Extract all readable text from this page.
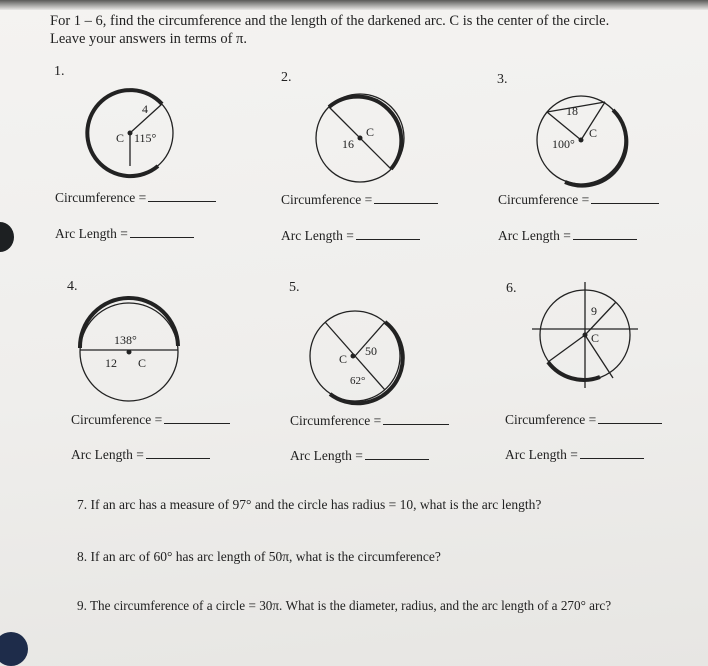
For 1 – 6, find the circumference and the length of the darkened arc. C is the center of the circle.
Leave your answers in terms of π.
1.
4
C 115°
Circumference =
Arc Length =
2.
16
C
Circumference =
Arc Length =
3.
18
C
100°
Circumference =
Arc Length =
4.
138°
12 C
Circumference =
Arc Length =
5.
C
50
62°
Circumference =
Arc Length =
6.
9
C
Circumference =
Arc Length =
7. If an arc has a measure of 97° and the circle has radius = 10, what is the arc length?
8. If an arc of 60° has arc length of 50π, what is the circumference?
9. The circumference of a circle = 30π. What is the diameter, radius, and the arc length of a 270° arc?
